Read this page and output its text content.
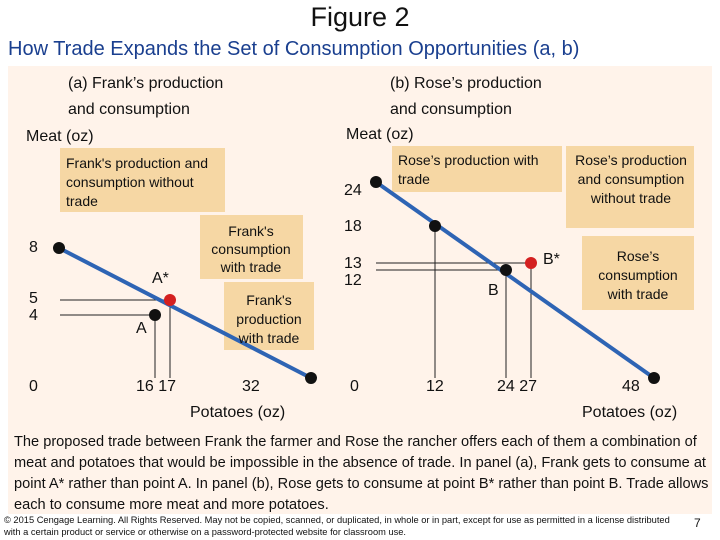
Figure 2
How Trade Expands the Set of Consumption Opportunities (a, b)
(a) Frank’s production
and consumption
Meat (oz)
Potatoes (oz)
8
5
4
0	16 17	32
A*
A
Frank's production and consumption without trade
Frank's consumption with trade
Frank's production with trade
(b) Rose’s production
and consumption
Meat (oz)
Potatoes (oz)
24
18
13
12
0	12	24 27	48
B
B*
Rose’s production with trade
Rose’s production and consumption without trade
Rose’s consumption with trade
The proposed trade between Frank the farmer and Rose the rancher offers each of them a combination of meat and potatoes that would be impossible in the absence of trade. In panel (a), Frank gets to consume at point A* rather than point A. In panel (b), Rose gets to consume at point B* rather than point B. Trade allows each to consume more meat and more potatoes.
© 2015 Cengage Learning. All Rights Reserved. May not be copied, scanned, or duplicated, in whole or in part, except for use as permitted in a license distributed with a certain product or service or otherwise on a password-protected website for classroom use.
7
